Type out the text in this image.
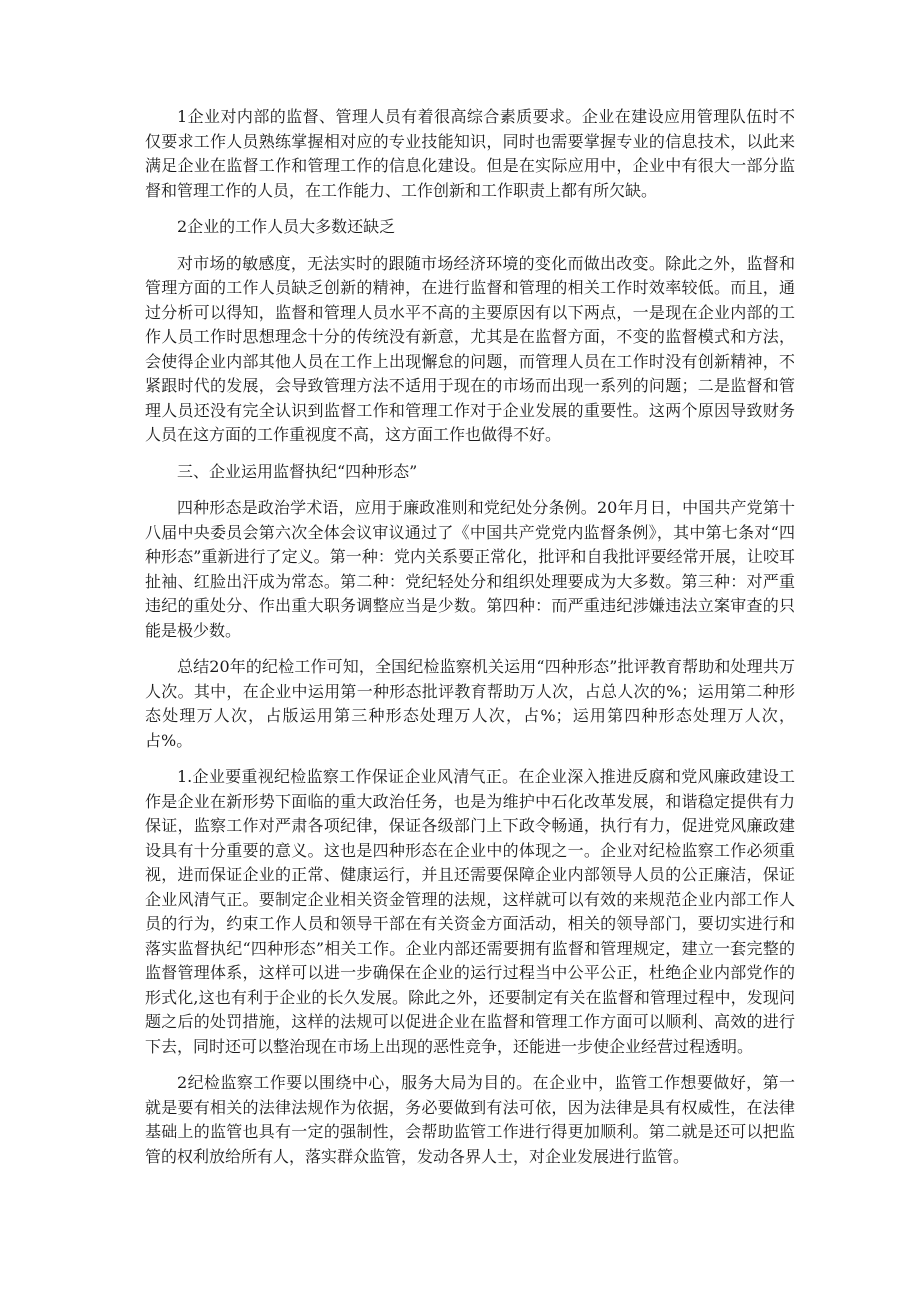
1企业对内部的监督、管理人员有着很高综合素质要求。企业在建设应用管理队伍时不仅要求工作人员熟练掌握相对应的专业技能知识，同时也需要掌握专业的信息技术，以此来满足企业在监督工作和管理工作的信息化建设。但是在实际应用中，企业中有很大一部分监督和管理工作的人员，在工作能力、工作创新和工作职责上都有所欠缺。

2企业的工作人员大多数还缺乏

对市场的敏感度，无法实时的跟随市场经济环境的变化而做出改变。除此之外，监督和管理方面的工作人员缺乏创新的精神，在进行监督和管理的相关工作时效率较低。而且，通过分析可以得知，监督和管理人员水平不高的主要原因有以下两点，一是现在企业内部的工作人员工作时思想理念十分的传统没有新意，尤其是在监督方面，不变的监督模式和方法，会使得企业内部其他人员在工作上出现懈怠的问题，而管理人员在工作时没有创新精神，不紧跟时代的发展，会导致管理方法不适用于现在的市场而出现一系列的问题；二是监督和管理人员还没有完全认识到监督工作和管理工作对于企业发展的重要性。这两个原因导致财务人员在这方面的工作重视度不高，这方面工作也做得不好。

三、企业运用监督执纪“四种形态”

四种形态是政治学术语，应用于廉政准则和党纪处分条例。20年月日，中国共产党第十八届中央委员会第六次全体会议审议通过了《中国共产党党内监督条例》，其中第七条对“四种形态”重新进行了定义。第一种：党内关系要正常化，批评和自我批评要经常开展，让咬耳扯袖、红脸出汗成为常态。第二种：党纪轻处分和组织处理要成为大多数。第三种：对严重违纪的重处分、作出重大职务调整应当是少数。第四种：而严重违纪涉嫌违法立案审查的只能是极少数。

总结20年的纪检工作可知，全国纪检监察机关运用“四种形态”批评教育帮助和处理共万人次。其中，在企业中运用第一种形态批评教育帮助万人次，占总人次的%；运用第二种形态处理万人次，占版运用第三种形态处理万人次，占%；运用第四种形态处理万人次，占%。

1.企业要重视纪检监察工作保证企业风清气正。在企业深入推进反腐和党风廉政建设工作是企业在新形势下面临的重大政治任务，也是为维护中石化改革发展，和谐稳定提供有力保证，监察工作对严肃各项纪律，保证各级部门上下政令畅通，执行有力，促进党风廉政建设具有十分重要的意义。这也是四种形态在企业中的体现之一。企业对纪检监察工作必须重视，进而保证企业的正常、健康运行，并且还需要保障企业内部领导人员的公正廉洁，保证企业风清气正。要制定企业相关资金管理的法规，这样就可以有效的来规范企业内部工作人员的行为，约束工作人员和领导干部在有关资金方面活动，相关的领导部门，要切实进行和落实监督执纪“四种形态”相关工作。企业内部还需要拥有监督和管理规定，建立一套完整的监督管理体系，这样可以进一步确保在企业的运行过程当中公平公正，杜绝企业内部党作的形式化,这也有利于企业的长久发展。除此之外，还要制定有关在监督和管理过程中，发现问题之后的处罚措施，这样的法规可以促进企业在监督和管理工作方面可以顺利、高效的进行下去，同时还可以整治现在市场上出现的恶性竞争，还能进一步使企业经营过程透明。

2纪检监察工作要以围绕中心，服务大局为目的。在企业中，监管工作想要做好，第一就是要有相关的法律法规作为依据，务必要做到有法可依，因为法律是具有权威性，在法律基础上的监管也具有一定的强制性，会帮助监管工作进行得更加顺利。第二就是还可以把监管的权利放给所有人，落实群众监管，发动各界人士，对企业发展进行监管。
